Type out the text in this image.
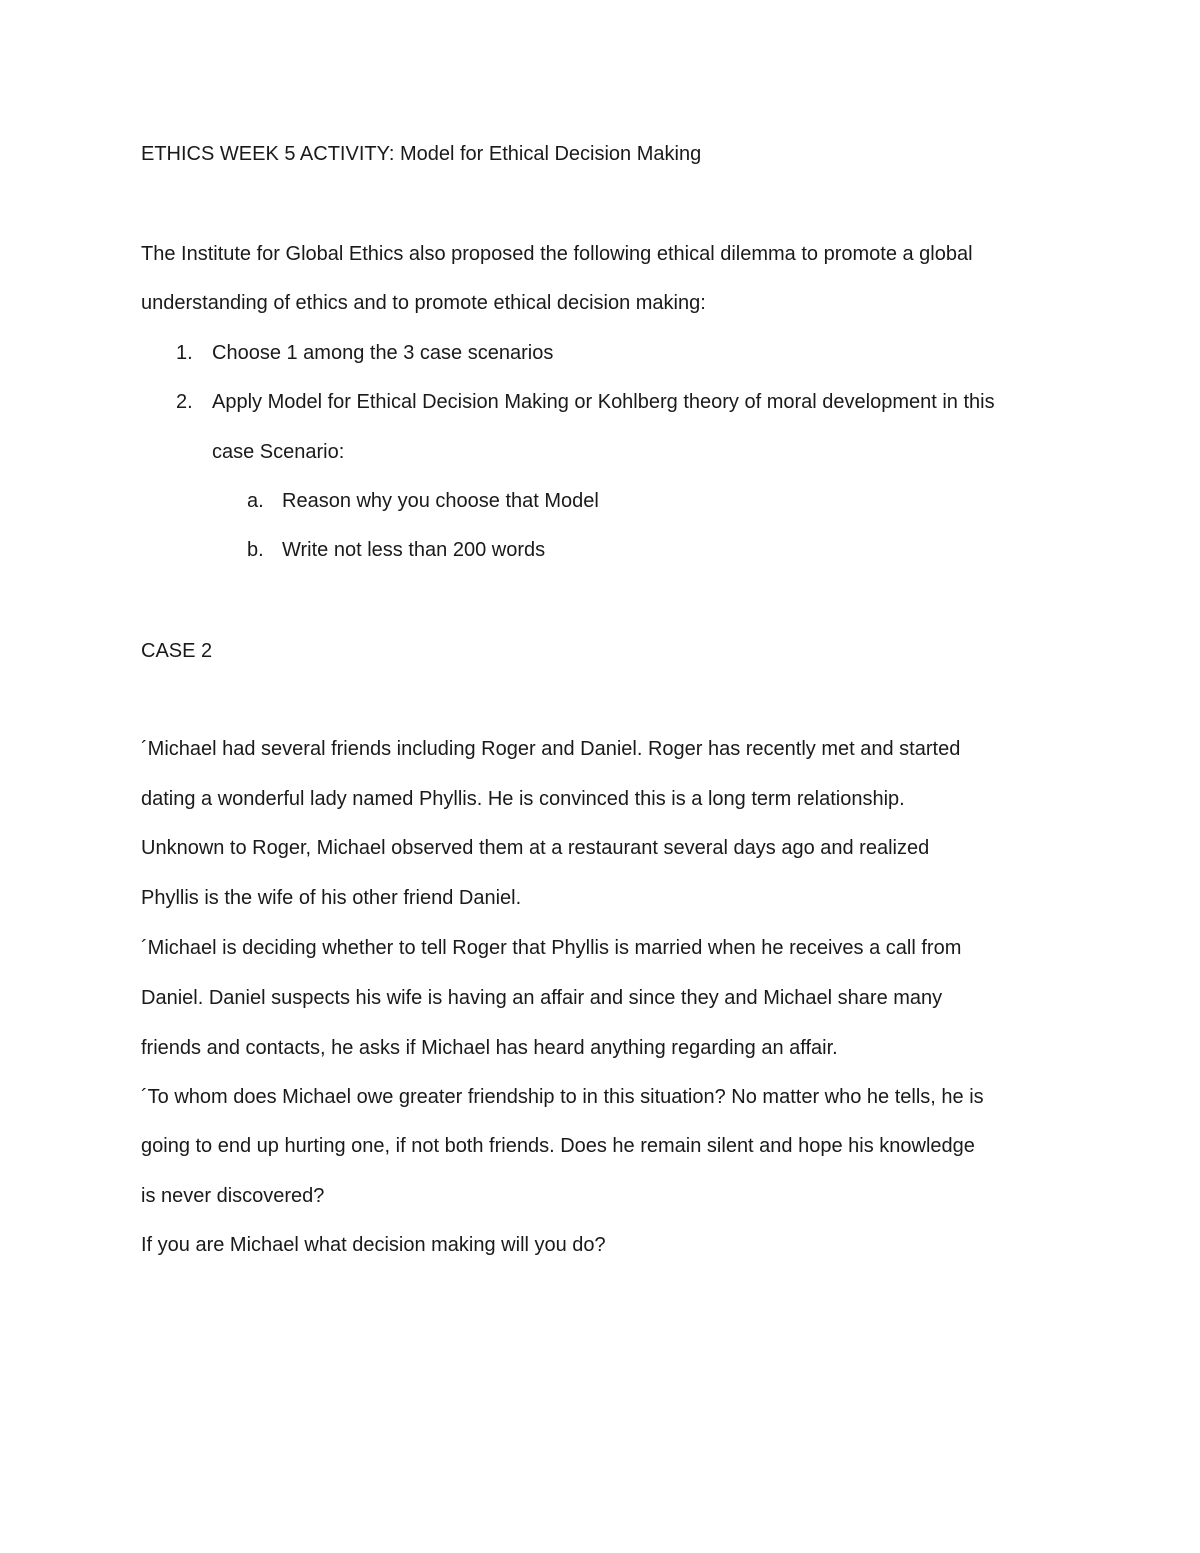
ETHICS WEEK 5 ACTIVITY: Model for Ethical Decision Making
The Institute for Global Ethics also proposed the following ethical dilemma to promote a global
understanding of ethics and to promote ethical decision making:
1. Choose 1 among the 3 case scenarios
2. Apply Model for Ethical Decision Making or Kohlberg theory of moral development in this
case Scenario:
a. Reason why you choose that Model
b. Write not less than 200 words
CASE 2
´Michael had several friends including Roger and Daniel. Roger has recently met and started
dating a wonderful lady named Phyllis. He is convinced this is a long term relationship.
Unknown to Roger, Michael observed them at a restaurant several days ago and realized
Phyllis is the wife of his other friend Daniel.
´Michael is deciding whether to tell Roger that Phyllis is married when he receives a call from
Daniel. Daniel suspects his wife is having an affair and since they and Michael share many
friends and contacts, he asks if Michael has heard anything regarding an affair.
´To whom does Michael owe greater friendship to in this situation? No matter who he tells, he is
going to end up hurting one, if not both friends. Does he remain silent and hope his knowledge
is never discovered?
If you are Michael what decision making will you do?
